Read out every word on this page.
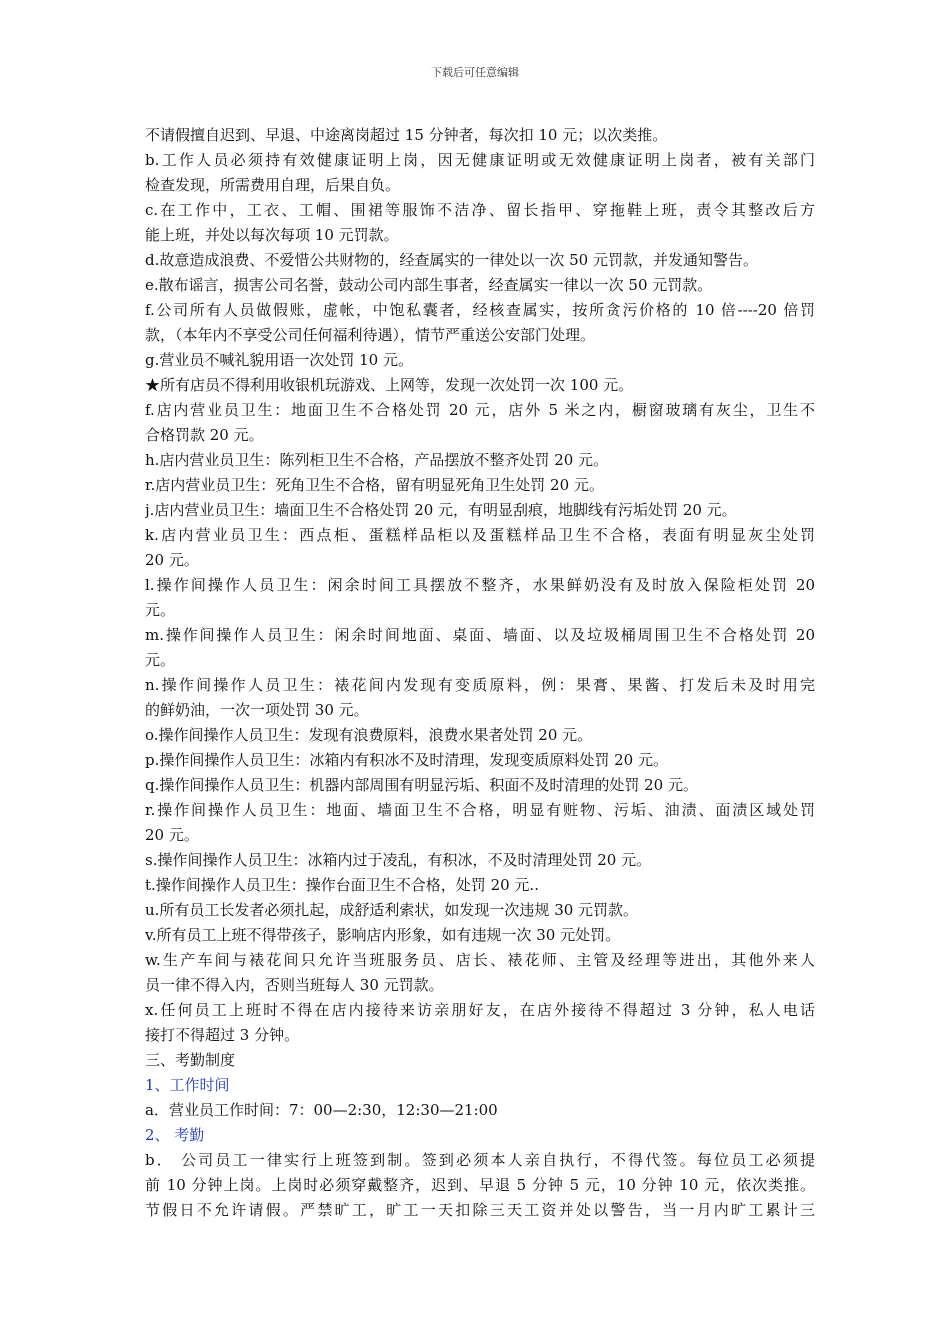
下载后可任意编辑
不请假擅自迟到、早退、中途离岗超过 15 分钟者，每次扣 10 元；以次类推。
b.工作人员必须持有效健康证明上岗，因无健康证明或无效健康证明上岗者，被有关部门
检查发现，所需费用自理，后果自负。
c.在工作中，工衣、工帽、围裙等服饰不洁净、留长指甲、穿拖鞋上班，责令其整改后方
能上班，并处以每次每项 10 元罚款。
d.故意造成浪费、不爱惜公共财物的，经查属实的一律处以一次 50 元罚款，并发通知警告。
e.散布谣言，损害公司名誉，鼓动公司内部生事者，经查属实一律以一次 50 元罚款。
f.公司所有人员做假账，虚帐，中饱私囊者，经核查属实，按所贪污价格的 10 倍----20 倍罚
款，（本年内不享受公司任何福利待遇），情节严重送公安部门处理。
g.营业员不喊礼貌用语一次处罚 10 元。
★所有店员不得利用收银机玩游戏、上网等，发现一次处罚一次 100 元。
f.店内营业员卫生：地面卫生不合格处罚 20 元，店外 5 米之内，橱窗玻璃有灰尘，卫生不
合格罚款 20 元。
h.店内营业员卫生：陈列柜卫生不合格，产品摆放不整齐处罚 20 元。
r.店内营业员卫生：死角卫生不合格，留有明显死角卫生处罚 20 元。
j.店内营业员卫生：墙面卫生不合格处罚 20 元，有明显刮痕，地脚线有污垢处罚 20 元。
k.店内营业员卫生：西点柜、蛋糕样品柜以及蛋糕样品卫生不合格，表面有明显灰尘处罚
20 元。
l.操作间操作人员卫生：闲余时间工具摆放不整齐，水果鲜奶没有及时放入保险柜处罚 20
元。
m.操作间操作人员卫生：闲余时间地面、桌面、墙面、以及垃圾桶周围卫生不合格处罚 20
元。
n.操作间操作人员卫生：裱花间内发现有变质原料，例：果膏、果酱、打发后未及时用完
的鲜奶油，一次一项处罚 30 元。
o.操作间操作人员卫生：发现有浪费原料，浪费水果者处罚 20 元。
p.操作间操作人员卫生：冰箱内有积冰不及时清理，发现变质原料处罚 20 元。
q.操作间操作人员卫生：机器内部周围有明显污垢、积面不及时清理的处罚 20 元。
r.操作间操作人员卫生：地面、墙面卫生不合格，明显有赃物、污垢、油渍、面渍区域处罚
20 元。
s.操作间操作人员卫生：冰箱内过于凌乱，有积冰，不及时清理处罚 20 元。
t.操作间操作人员卫生：操作台面卫生不合格，处罚 20 元..
u.所有员工长发者必须扎起，成舒适利索状，如发现一次违规 30 元罚款。
v.所有员工上班不得带孩子，影响店内形象，如有违规一次 30 元处罚。
w.生产车间与裱花间只允许当班服务员、店长、裱花师、主管及经理等进出，其他外来人
员一律不得入内，否则当班每人 30 元罚款。
x.任何员工上班时不得在店内接待来访亲朋好友，在店外接待不得超过 3 分钟，私人电话
接打不得超过 3 分钟。
三、考勤制度
1、工作时间
a．营业员工作时间：7：00—2:30，12:30—21:00
2、 考勤
b． 公司员工一律实行上班签到制。签到必须本人亲自执行，不得代签。每位员工必须提
前 10 分钟上岗。上岗时必须穿戴整齐，迟到、早退 5 分钟 5 元，10 分钟 10 元，依次类推。
节假日不允许请假。严禁旷工，旷工一天扣除三天工资并处以警告，当一月内旷工累计三
